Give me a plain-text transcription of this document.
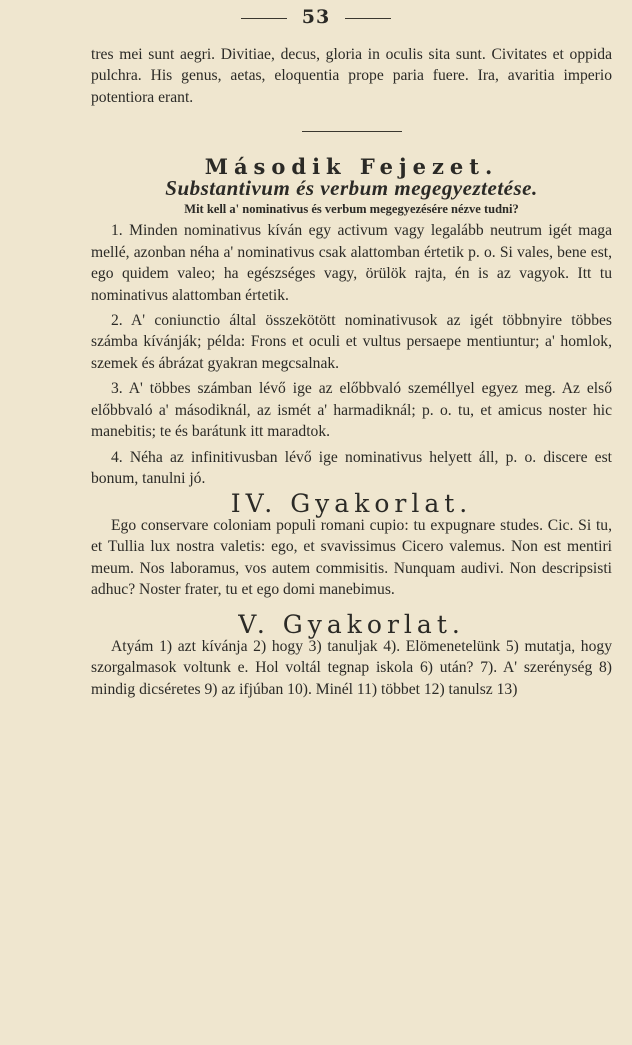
53

tres mei sunt aegri. Divitiae, decus, gloria in oculis sita sunt. Civitates et oppida pulchra. His genus, aetas, eloquentia prope paria fuere. Ira, avaritia imperio potentiora erant.

Második Fejezet.

Substantivum és verbum megegyeztetése.

Mit kell a' nominativus és verbum megegyezésére nézve tudni?

1. Minden nominativus kíván egy activum vagy legalább neutrum igét maga mellé, azonban néha a' nominativus csak alattomban értetik p. o. Si vales, bene est, ego quidem valeo; ha egészséges vagy, örülök rajta, én is az vagyok. Itt tu nominativus alattomban értetik.

2. A' coniunctio által összekötött nominativusok az igét többnyire többes számba kívánják; példa: Frons et oculi et vultus persaepe mentiuntur; a' homlok, szemek és ábrázat gyakran megcsalnak.

3. A' többes számban lévő ige az előbbvaló személlyel egyez meg. Az első előbbvaló a' másodiknál, az ismét a' harmadiknál; p. o. tu, et amicus noster hic manebitis; te és barátunk itt maradtok.

4. Néha az infinitivusban lévő ige nominativus helyett áll, p. o. discere est bonum, tanulni jó.

IV. Gyakorlat.

Ego conservare coloniam populi romani cupio: tu expugnare studes. Cic. Si tu, et Tullia lux nostra valetis: ego, et svavissimus Cicero valemus. Non est mentiri meum. Nos laboramus, vos autem commisitis. Nunquam audivi. Non descripsisti adhuc? Noster frater, tu et ego domi manebimus.

V. Gyakorlat.

Atyám 1) azt kívánja 2) hogy 3) tanuljak 4). Elömenetelünk 5) mutatja, hogy szorgalmasok voltunk e. Hol voltál tegnap iskola 6) után? 7). A' szerénység 8) mindig dicséretes 9) az ifjúban 10). Minél 11) többet 12) tanulsz 13)
